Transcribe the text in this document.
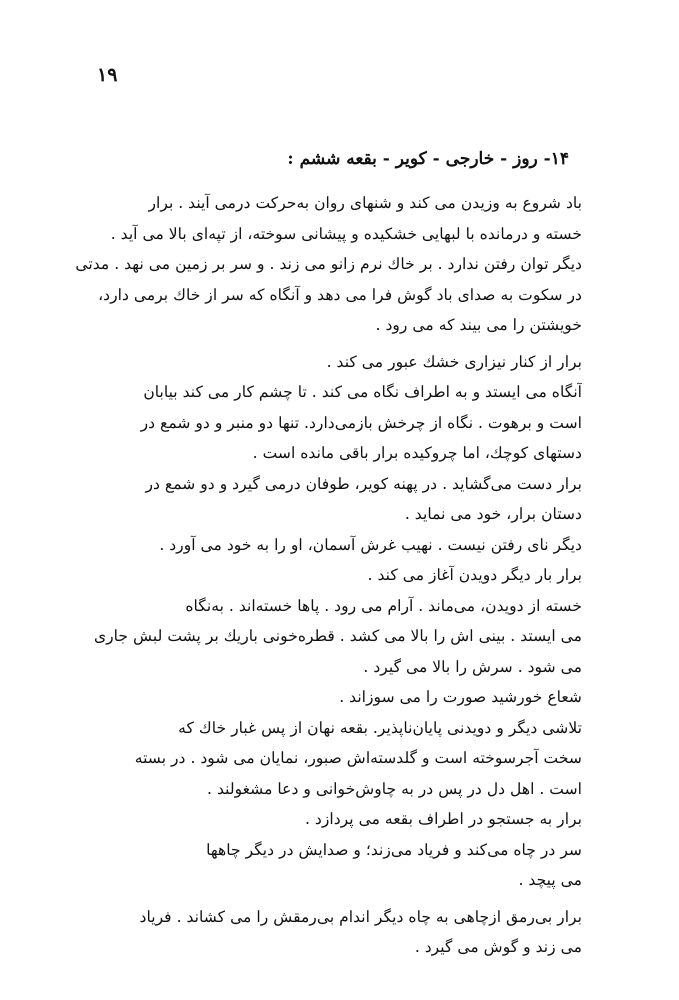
۱۹
۱۴- روز - خارجی - کویر - بقعه ششم :

باد شروع به وزیدن می کند و شنهای روان به‌حرکت درمی آیند . برار
خسته و درمانده با لبهایی خشکیده و پیشانی سوخته، از تپه‌ای بالا می آید .
دیگر توان رفتن ندارد . بر خاك نرم زانو می زند . و سر بر زمین می نهد . مدتی
در سکوت به صدای باد گوش فرا می دهد و آنگاه که سر از خاك برمی دارد،
خویشتن را می بیند که می رود .

برار از کنار نیزاری خشك عبور می کند .

آنگاه می ایستد و به اطراف نگاه می کند . تا چشم کار می کند بیابان
است و برهوت . نگاه از چرخش بازمی‌دارد. تنها دو منبر و دو شمع در
دستهای کوچك، اما چروکیده برار باقی مانده است .

برار دست می‌گشاید . در پهنه کویر، طوفان درمی گیرد و دو شمع در
دستان برار، خود می نماید .

دیگر نای رفتن نیست . نهیب غرش آسمان، او را به خود می آورد .
برار بار دیگر دویدن آغاز می کند .

خسته از دویدن، می‌ماند . آرام می رود . پاها خسته‌اند . به‌نگاه
می ایستد . بینی اش را بالا می کشد . قطره‌خونی باریك بر پشت لبش جاری
می شود . سرش را بالا می گیرد .

شعاع خورشید صورت را می سوزاند .

تلاشی دیگر و دویدنی پایان‌ناپذیر. بقعه نهان از پس غبار خاك که
سخت آجر‌سوخته است و گلدسته‌اش صبور، نمایان می شود . در بسته
است . اهل دل در پس در به چاوش‌خوانی و دعا مشغولند .

برار به جستجو در اطراف بقعه می پردازد .

سر در چاه می‌کند و فریاد می‌زند؛ و صدایش در دیگر چاهها
می پیچد .

برار بی‌رمق ازچاهی به چاه دیگر اندام بی‌رمقش را می کشاند . فریاد
می زند و گوش می گیرد .
